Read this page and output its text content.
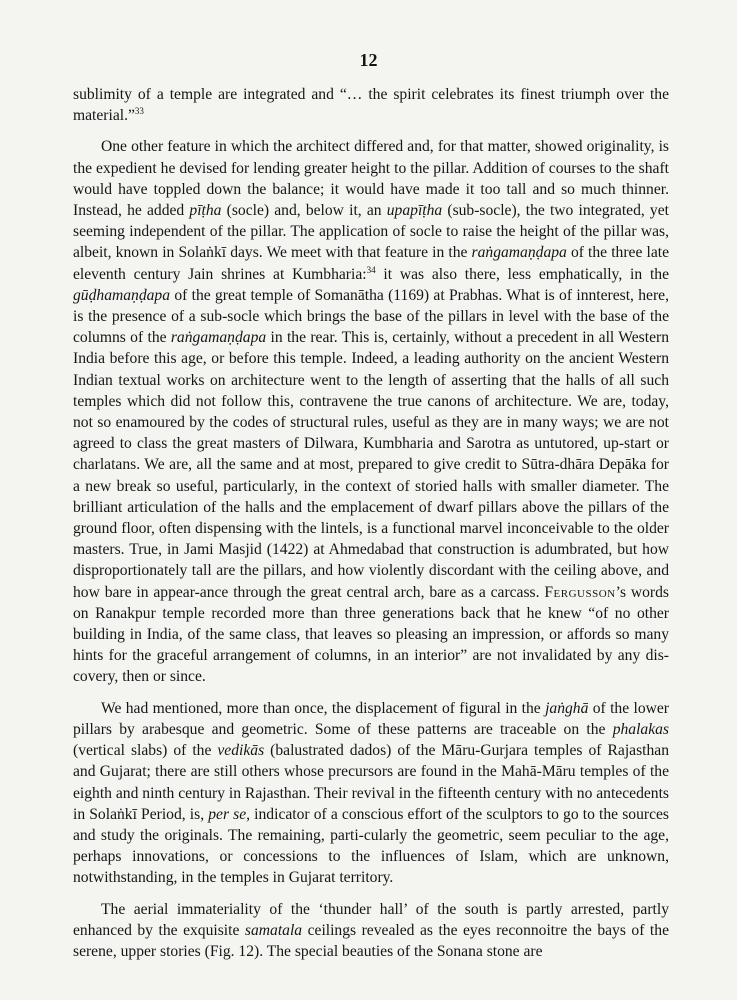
12

sublimity of a temple are integrated and “… the spirit celebrates its finest triumph over the material.”$^{33}$

One other feature in which the architect differed and, for that matter, showed originality, is the expedient he devised for lending greater height to the pillar. Addition of courses to the shaft would have toppled down the balance; it would have made it too tall and so much thinner. Instead, he added pīṭha (socle) and, below it, an upapīṭha (sub-socle), the two integrated, yet seeming independent of the pillar. The application of socle to raise the height of the pillar was, albeit, known in Solaṅkī days. We meet with that feature in the raṅgamaṇḍapa of the three late eleventh century Jain shrines at Kumbharia:$^{34}$ it was also there, less emphatically, in the gūḍhamaṇḍapa of the great temple of Somanātha (1169) at Prabhas. What is of innterest, here, is the presence of a sub-socle which brings the base of the pillars in level with the base of the columns of the raṅgamaṇḍapa in the rear. This is, certainly, without a precedent in all Western India before this age, or before this temple. Indeed, a leading authority on the ancient Western Indian textual works on architecture went to the length of asserting that the halls of all such temples which did not follow this, contravene the true canons of architecture. We are, today, not so enamoured by the codes of structural rules, useful as they are in many ways; we are not agreed to class the great masters of Dilwara, Kumbharia and Sarotra as untutored, up-start or charlatans. We are, all the same and at most, prepared to give credit to Sūtra-dhāra Depāka for a new break so useful, particularly, in the context of storied halls with smaller diameter. The brilliant articulation of the halls and the emplacement of dwarf pillars above the pillars of the ground floor, often dispensing with the lintels, is a functional marvel inconceivable to the older masters. True, in Jami Masjid (1422) at Ahmedabad that construction is adumbrated, but how disproportionately tall are the pillars, and how violently discordant with the ceiling above, and how bare in appear-ance through the great central arch, bare as a carcass. Fergusson’s words on Ranakpur temple recorded more than three generations back that he knew “of no other building in India, of the same class, that leaves so pleasing an impression, or affords so many hints for the graceful arrangement of columns, in an interior” are not invalidated by any dis-covery, then or since.

We had mentioned, more than once, the displacement of figural in the jaṅghā of the lower pillars by arabesque and geometric. Some of these patterns are traceable on the phalakas (vertical slabs) of the vedikās (balustrated dados) of the Māru-Gurjara temples of Rajasthan and Gujarat; there are still others whose precursors are found in the Mahā-Māru temples of the eighth and ninth century in Rajasthan. Their revival in the fifteenth century with no antecedents in Solaṅkī Period, is, per se, indicator of a conscious effort of the sculptors to go to the sources and study the originals. The remaining, parti-cularly the geometric, seem peculiar to the age, perhaps innovations, or concessions to the influences of Islam, which are unknown, notwithstanding, in the temples in Gujarat territory.

The aerial immateriality of the ‘thunder hall’ of the south is partly arrested, partly enhanced by the exquisite samatala ceilings revealed as the eyes reconnoitre the bays of the serene, upper stories (Fig. 12). The special beauties of the Sonana stone are
